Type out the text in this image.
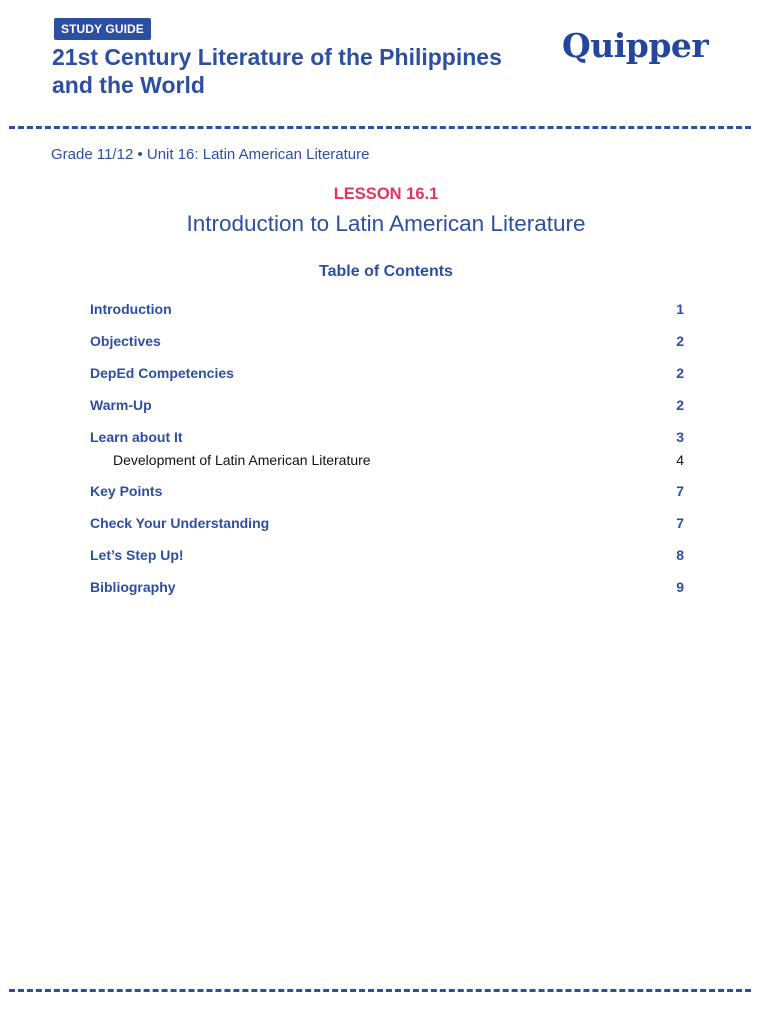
STUDY GUIDE
21st Century Literature of the Philippines and the World
Quipper
Grade 11/12 • Unit 16: Latin American Literature
LESSON 16.1
Introduction to Latin American Literature
Table of Contents
Introduction	1
Objectives	2
DepEd Competencies	2
Warm-Up	2
Learn about It	3
Development of Latin American Literature	4
Key Points	7
Check Your Understanding	7
Let’s Step Up!	8
Bibliography	9
